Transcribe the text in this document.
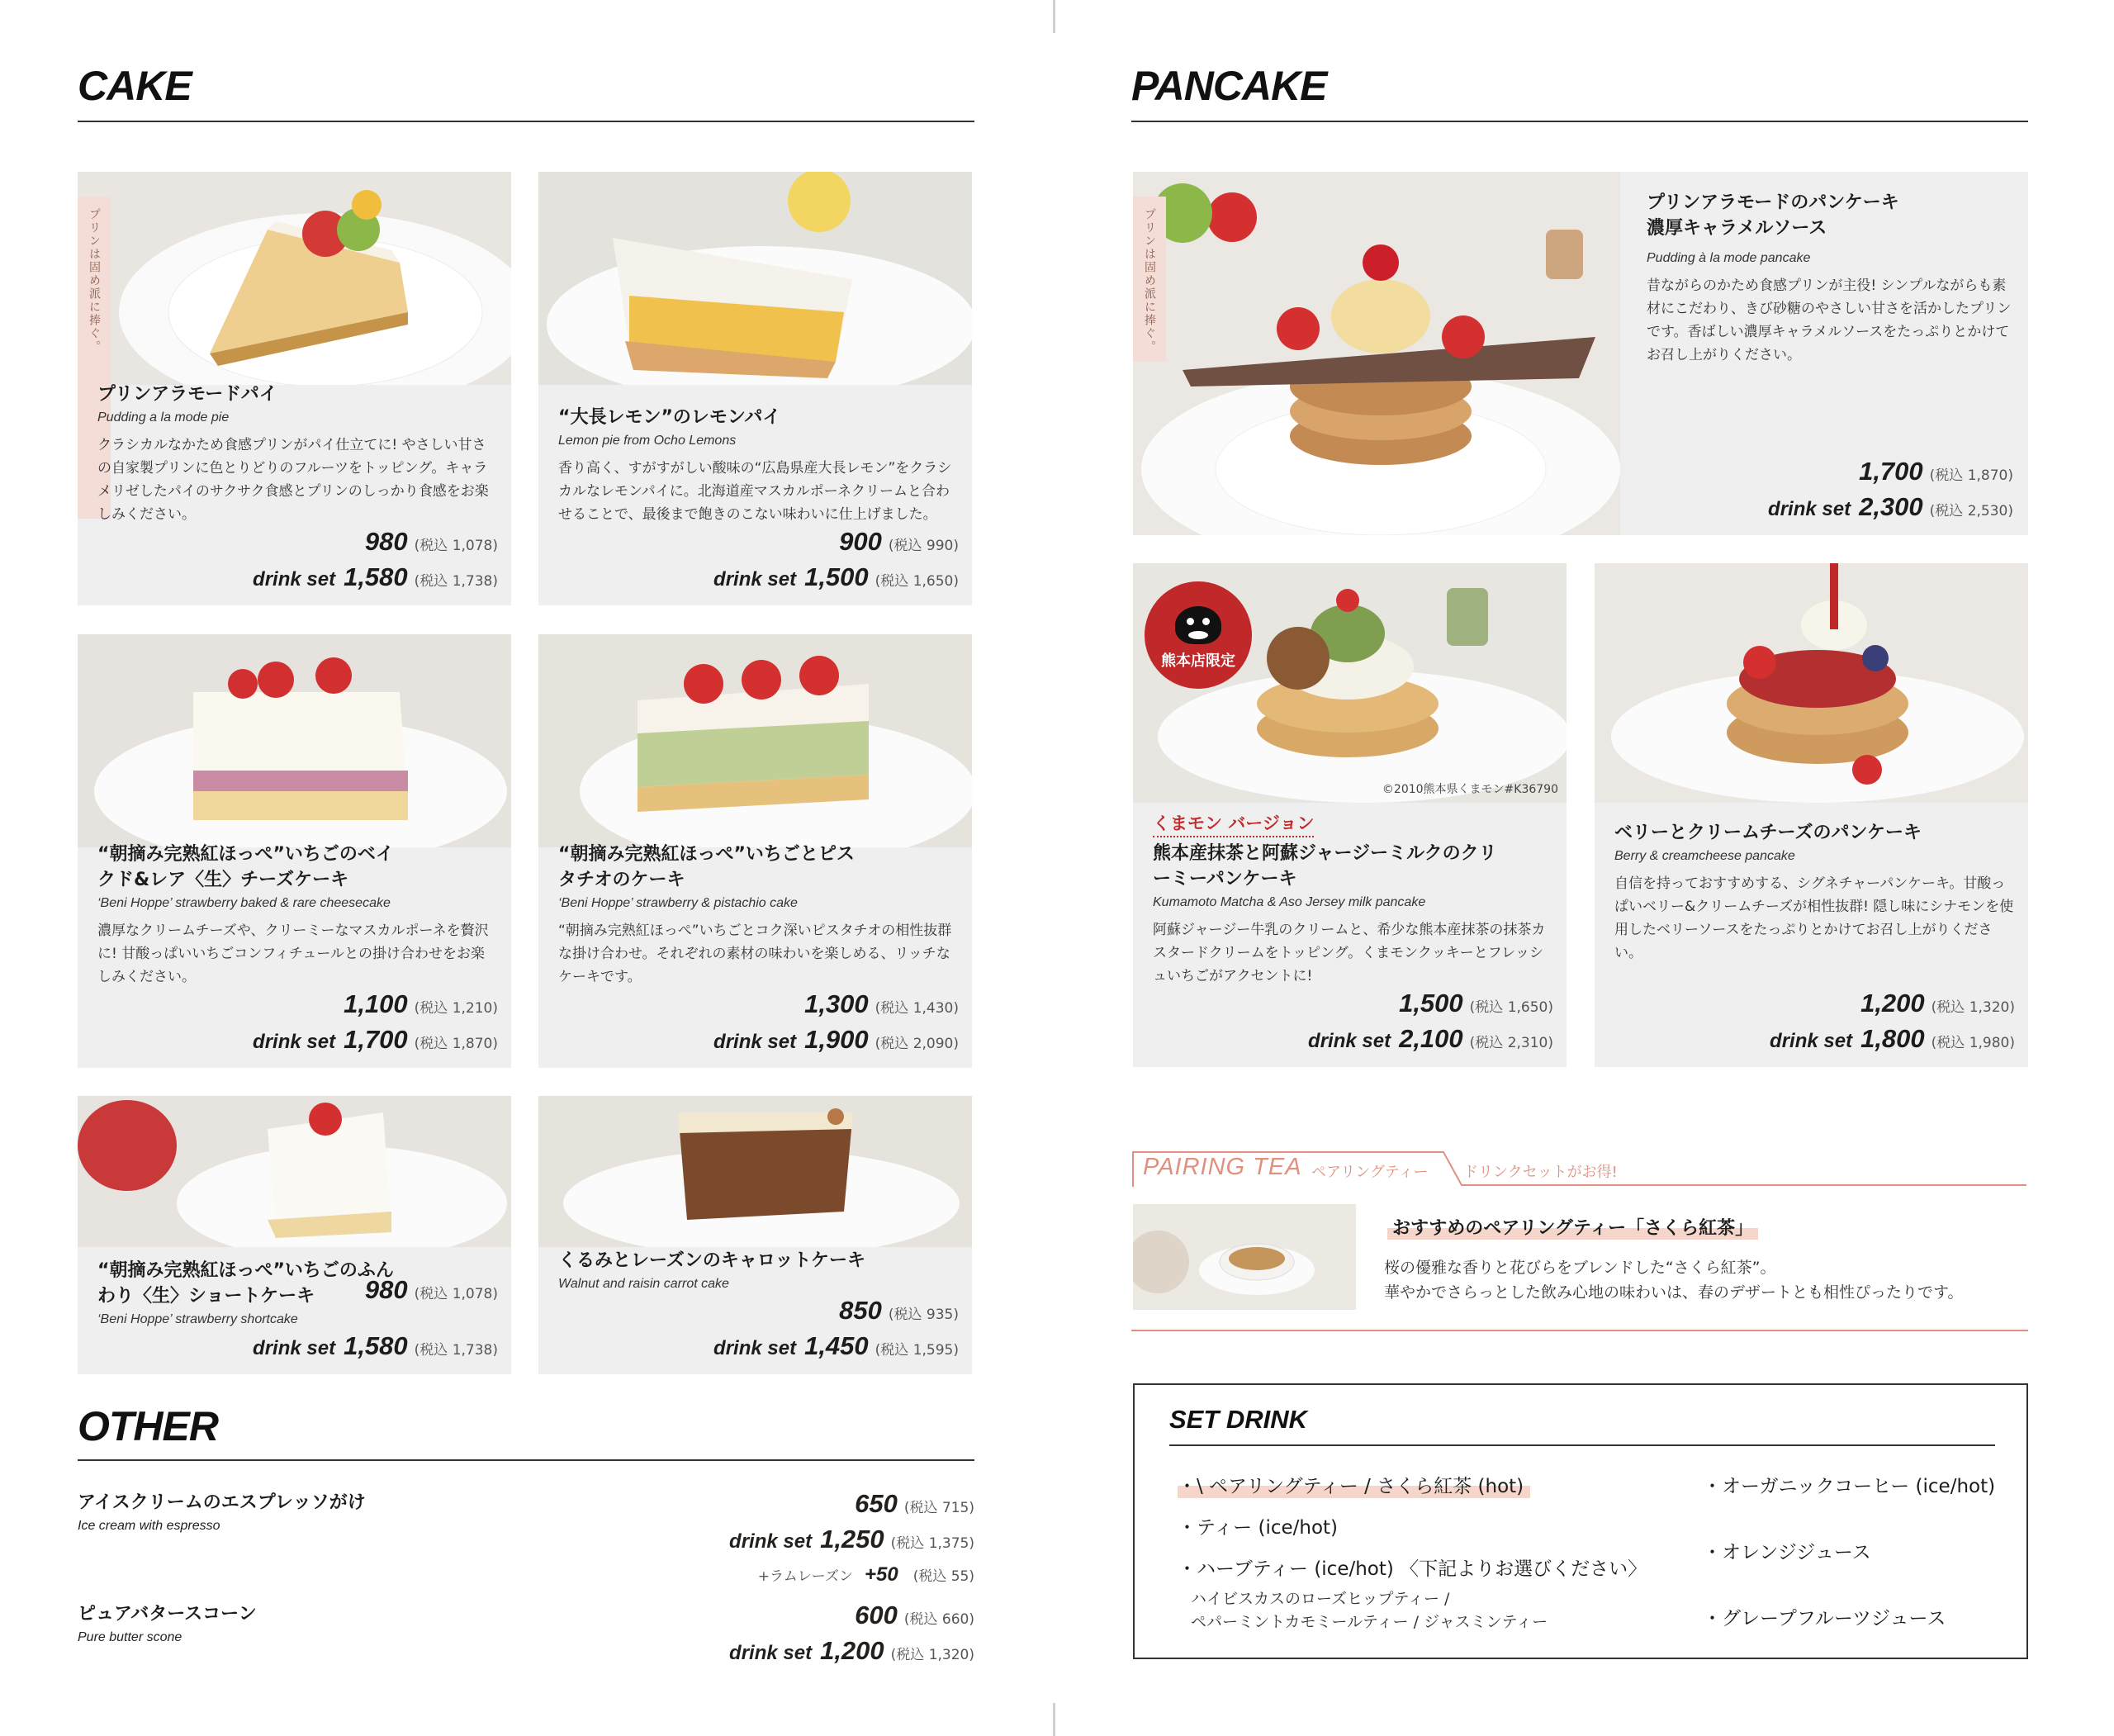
CAKE
プリンは固め派に捧ぐ。
プリンアラモードパイ
Pudding a la mode pie
クラシカルなかため食感プリンがパイ仕立てに! やさしい甘さの自家製プリンに色とりどりのフルーツをトッピング。キャラメリゼしたパイのサクサク食感とプリンのしっかり食感をお楽しみください。
980 (税込 1,078)
drink set 1,580 (税込 1,738)
“大長レモン”のレモンパイ
Lemon pie from Ocho Lemons
香り高く、すがすがしい酸味の“広島県産大長レモン”をクラシカルなレモンパイに。北海道産マスカルポーネクリームと合わせることで、最後まで飽きのこない味わいに仕上げました。
900 (税込 990)
drink set 1,500 (税込 1,650)
“朝摘み完熟紅ほっぺ”いちごのベイクド&レア〈生〉チーズケーキ
‘Beni Hoppe’ strawberry baked & rare cheesecake
濃厚なクリームチーズや、クリーミーなマスカルポーネを贅沢に! 甘酸っぱいいちごコンフィチュールとの掛け合わせをお楽しみください。
1,100 (税込 1,210)
drink set 1,700 (税込 1,870)
“朝摘み完熟紅ほっぺ”いちごとピスタチオのケーキ
‘Beni Hoppe’ strawberry & pistachio cake
“朝摘み完熟紅ほっぺ”いちごとコク深いピスタチオの相性抜群な掛け合わせ。それぞれの素材の味わいを楽しめる、リッチなケーキです。
1,300 (税込 1,430)
drink set 1,900 (税込 2,090)
“朝摘み完熟紅ほっぺ”いちごのふんわり〈生〉ショートケーキ
‘Beni Hoppe’ strawberry shortcake
980 (税込 1,078)
drink set 1,580 (税込 1,738)
くるみとレーズンのキャロットケーキ
Walnut and raisin carrot cake
850 (税込 935)
drink set 1,450 (税込 1,595)
OTHER
アイスクリームのエスプレッソがけ
Ice cream with espresso
650 (税込 715)
drink set 1,250 (税込 1,375)
+ラムレーズン +50 (税込 55)
ピュアバタースコーン
Pure butter scone
600 (税込 660)
drink set 1,200 (税込 1,320)
PANCAKE
プリンは固め派に捧ぐ。
プリンアラモードのパンケーキ
濃厚キャラメルソース
Pudding à la mode pancake
昔ながらのかため食感プリンが主役! シンプルながらも素材にこだわり、きび砂糖のやさしい甘さを活かしたプリンです。香ばしい濃厚キャラメルソースをたっぷりとかけてお召し上がりください。
1,700 (税込 1,870)
drink set 2,300 (税込 2,530)
熊本店限定
©2010熊本県くまモン#K36790
くまモン バージョン
熊本産抹茶と阿蘇ジャージーミルクのクリーミーパンケーキ
Kumamoto Matcha & Aso Jersey milk pancake
阿蘇ジャージー牛乳のクリームと、希少な熊本産抹茶の抹茶カスタードクリームをトッピング。くまモンクッキーとフレッシュいちごがアクセントに!
1,500 (税込 1,650)
drink set 2,100 (税込 2,310)
ベリーとクリームチーズのパンケーキ
Berry & creamcheese pancake
自信を持っておすすめする、シグネチャーパンケーキ。甘酸っぱいベリー&クリームチーズが相性抜群! 隠し味にシナモンを使用したベリーソースをたっぷりとかけてお召し上がりください。
1,200 (税込 1,320)
drink set 1,800 (税込 1,980)
PAIRING TEA ペアリングティー ドリンクセットがお得!
おすすめのペアリングティー「さくら紅茶」
桜の優雅な香りと花びらをブレンドした“さくら紅茶”。
華やかでさらっとした飲み心地の味わいは、春のデザートとも相性ぴったりです。
SET DRINK
・\ ペアリングティー / さくら紅茶 (hot)
・ティー (ice/hot)
・ハーブティー (ice/hot) 〈下記よりお選びください〉
ハイビスカスのローズヒップティー /
ペパーミントカモミールティー / ジャスミンティー
・オーガニックコーヒー (ice/hot)
・オレンジジュース
・グレープフルーツジュース
